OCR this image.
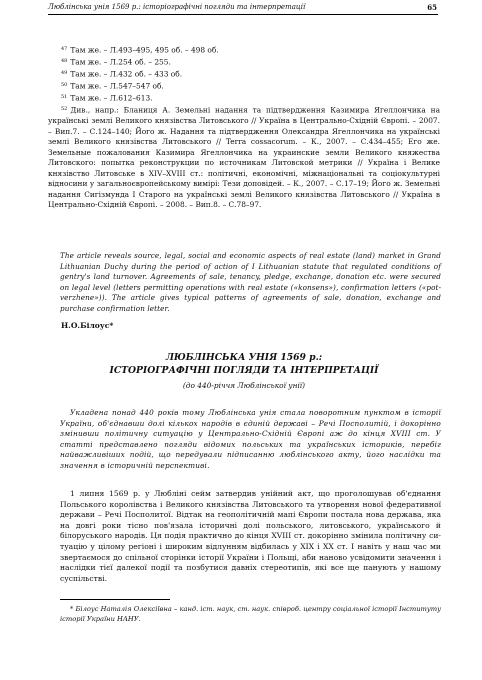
Люблінська унія 1569 р.: історіографічні погляди та інтерпретації	65

$^{47}$ Там же. – Л.493–495, 495 об. – 498 об.

$^{48}$ Там же. – Л.254 об. – 255.

$^{49}$ Там же. – Л.432 об. – 433 об.

$^{50}$ Там же. – Л.547–547 об.

$^{51}$ Там же. – Л.612–613.

$^{52}$ Див., напр.: Бланиця А. Земельні надання та підтвердження Казимира Ягеллончика на українські землі Великого князівства Литовського // Україна в Центрально-Східній Європі. – 2007. – Вип.7. – С.124–140; Його ж. Надання та підтвердження Олександра Ягеллончика на українські землі Великого князівства Литовського // Terra cossacorum. – К., 2007. – С.434–455; Его же. Земельные пожалования Казимира Ягеллончика на украинские земли Великого княжества Литовского: попытка реконструкции по источникам Литовской метрики // Україна і Велике князівство Литовське в XIV–XVIII ст.: політичні, економічні, міжнаціональні та соціокультурні відносини у загальноєвропейському вимірі: Тези доповідей. – К., 2007. – С.17–19; Його ж. Земельні надання Сигізмунда I Старого на українські землі Великого князівства Литовського // Україна в Центрально-Східній Європі. – 2008. – Вип.8. – С.78–97.

The article reveals source, legal, social and economic aspects of real estate (land) market in Grand Lithuanian Duchy during the period of action of I Lithuanian statute that regulated conditions of gentry's land turnover. Agreements of sale, tenancy, pledge, exchange, donation etc. were secured on legal level (letters permitting operations with real estate («konsens»), confirmation letters («potverzhene»)). The article gives typical patterns of agreements of sale, donation, exchange and purchase confirmation letter.

Н.О.Білоус*
ЛЮБЛІНСЬКА УНІЯ 1569 р.:
ІСТОРІОГРАФІЧНІ ПОГЛЯДИ ТА ІНТЕРПРЕТАЦІЇ
(до 440-річчя Люблінської унії)

Укладена понад 440 років тому Люблінська унія стала поворотним пунктом в історії України, об'єднавши долі кількох народів в єдиній державі – Речі Посполитій, і докорінно змінивши політичну ситуацію у Центрально-Східній Європі аж до кінця XVIII ст. У статті представлено погляди відомих польських та українських істориків, перебіг найважливіших подій, що передували підписанню люблінського акту, його наслідки та значення в історичній перспективі.

1 липня 1569 р. у Любліні сейм затвердив унійний акт, що проголошував об'єднання Польського королівства і Великого князівства Литовського та утворення нової федеративної держави – Речі Посполитої. Відтак на геополітичній мапі Європи постала нова держава, яка на довгі роки тісно пов'язала історичні долі польського, литовського, українського й білоруського народів. Ця подія практично до кінця XVIII ст. докорінно змінила політичну ситуацію у цілому регіоні і широким відлунням відбилась у XIX і XX ст. І навіть у наш час ми звертаємося до спільної сторінки історії України і Польщі, аби наново усвідомити значення і наслідки тієї далекої події та позбутися давніх стереотипів, які все ще панують у нашому суспільстві.

* Білоус Наталія Олексіївна – канд. іст. наук, ст. наук. співроб. центру соціальної історії Інституту історії України НАНУ.
